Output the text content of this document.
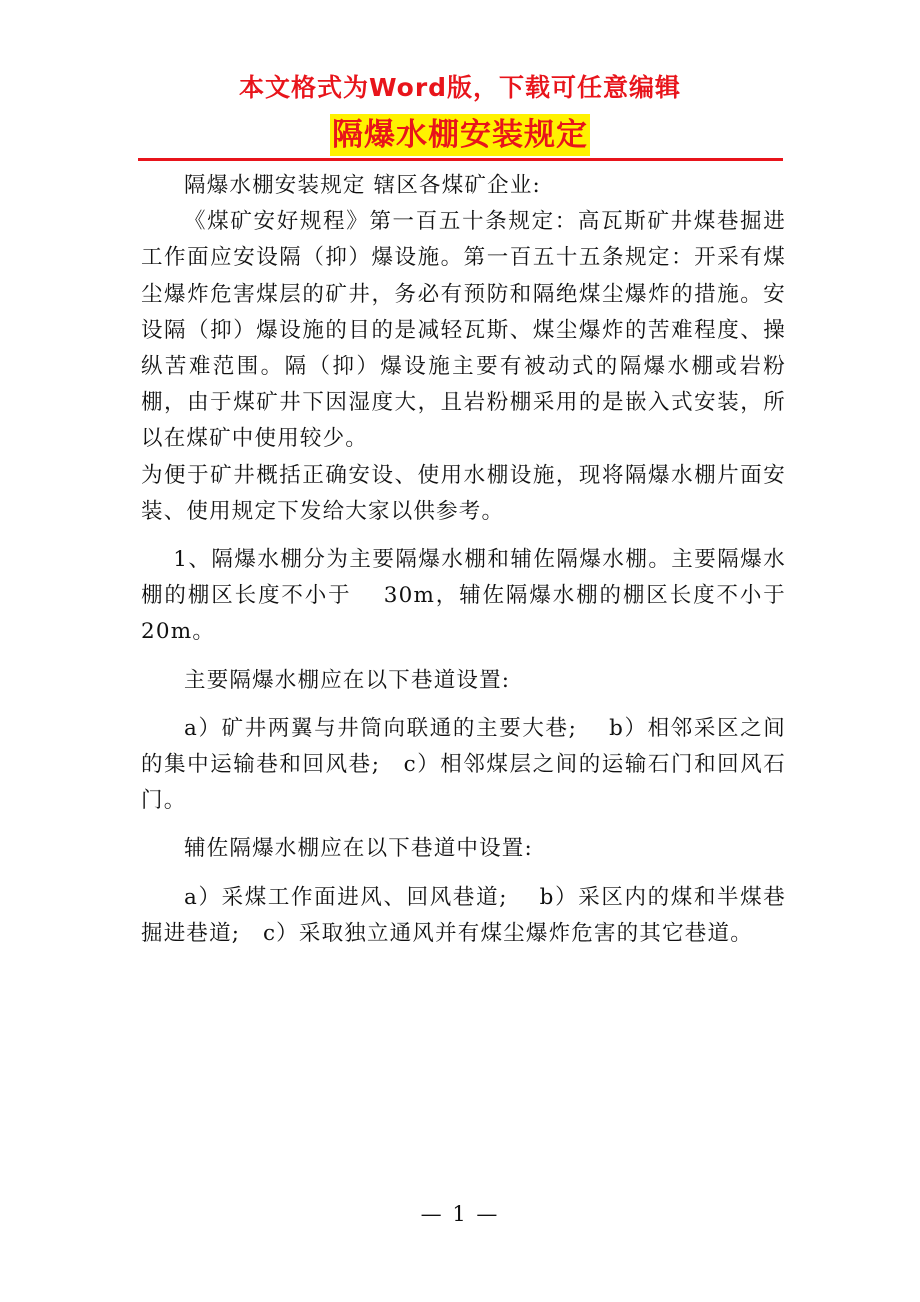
本文格式为Word版，下载可任意编辑
隔爆水棚安装规定

隔爆水棚安装规定 辖区各煤矿企业:

《煤矿安好规程》第一百五十条规定：高瓦斯矿井煤巷掘进工作面应安设隔（抑）爆设施。第一百五十五条规定：开采有煤尘爆炸危害煤层的矿井，务必有预防和隔绝煤尘爆炸的措施。安设隔（抑）爆设施的目的是减轻瓦斯、煤尘爆炸的苦难程度、操纵苦难范围。隔（抑）爆设施主要有被动式的隔爆水棚或岩粉棚，由于煤矿井下因湿度大，且岩粉棚采用的是嵌入式安装，所以在煤矿中使用较少。

为便于矿井概括正确安设、使用水棚设施，现将隔爆水棚片面安装、使用规定下发给大家以供参考。

1、隔爆水棚分为主要隔爆水棚和辅佐隔爆水棚。主要隔爆水棚的棚区长度不小于　 30m，辅佐隔爆水棚的棚区长度不小于 20m。

主要隔爆水棚应在以下巷道设置:

a）矿井两翼与井筒向联通的主要大巷;　 b）相邻采区之间的集中运输巷和回风巷;　c）相邻煤层之间的运输石门和回风石门。

辅佐隔爆水棚应在以下巷道中设置:

a）采煤工作面进风、回风巷道;　 b）采区内的煤和半煤巷掘进巷道;　c）采取独立通风并有煤尘爆炸危害的其它巷道。

— 1 —
